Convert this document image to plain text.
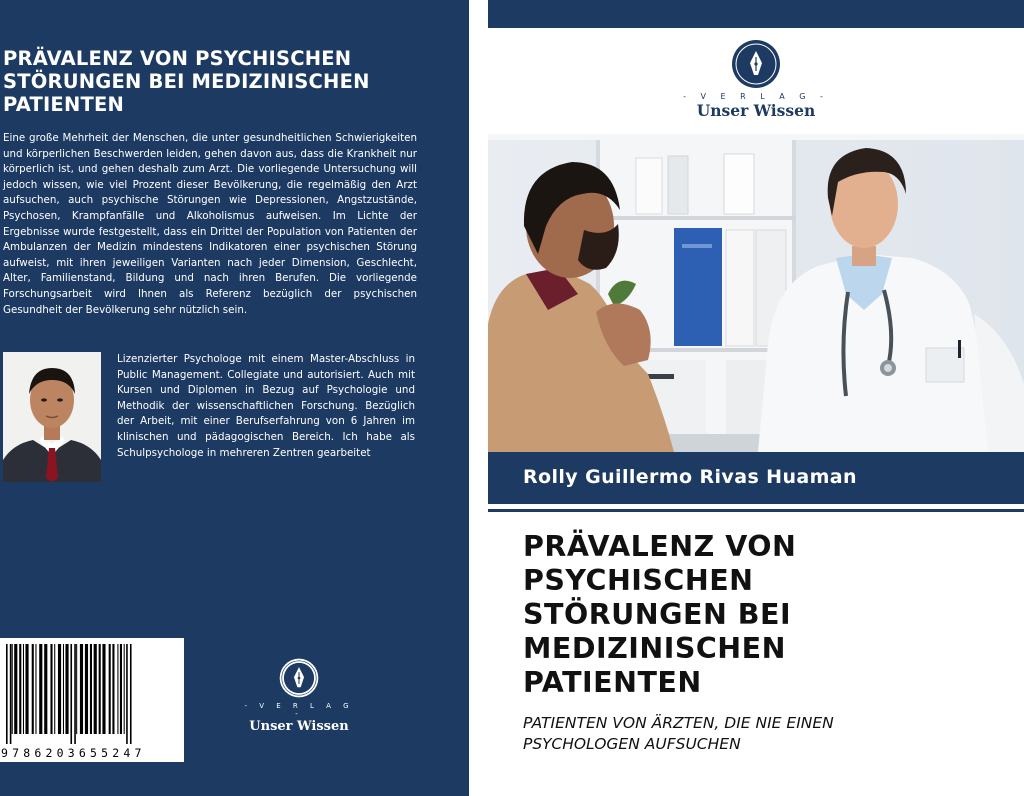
PRÄVALENZ VON PSYCHISCHEN STÖRUNGEN BEI MEDIZINISCHEN PATIENTEN

Eine große Mehrheit der Menschen, die unter gesundheitlichen Schwierigkeiten und körperlichen Beschwerden leiden, gehen davon aus, dass die Krankheit nur körperlich ist, und gehen deshalb zum Arzt. Die vorliegende Untersuchung will jedoch wissen, wie viel Prozent dieser Bevölkerung, die regelmäßig den Arzt aufsuchen, auch psychische Störungen wie Depressionen, Angstzustände, Psychosen, Krampfanfälle und Alkoholismus aufweisen. Im Lichte der Ergebnisse wurde festgestellt, dass ein Drittel der Population von Patienten der Ambulanzen der Medizin mindestens Indikatoren einer psychischen Störung aufweist, mit ihren jeweiligen Varianten nach jeder Dimension, Geschlecht, Alter, Familienstand, Bildung und nach ihren Berufen. Die vorliegende Forschungsarbeit wird Ihnen als Referenz bezüglich der psychischen Gesundheit der Bevölkerung sehr nützlich sein.

Lizenzierter Psychologe mit einem Master-Abschluss in Public Management. Collegiate und autorisiert. Auch mit Kursen und Diplomen in Bezug auf Psychologie und Methodik der wissenschaftlichen Forschung. Bezüglich der Arbeit, mit einer Berufserfahrung von 6 Jahren im klinischen und pädagogischen Bereich. Ich habe als Schulpsychologe in mehreren Zentren gearbeitet

9786203655247
- V E R L A G -
Unser Wissen
- V E R L A G -
Unser Wissen
Rolly Guillermo Rivas Huaman
PRÄVALENZ VON PSYCHISCHEN STÖRUNGEN BEI MEDIZINISCHEN PATIENTEN

PATIENTEN VON ÄRZTEN, DIE NIE EINEN PSYCHOLOGEN AUFSUCHEN
